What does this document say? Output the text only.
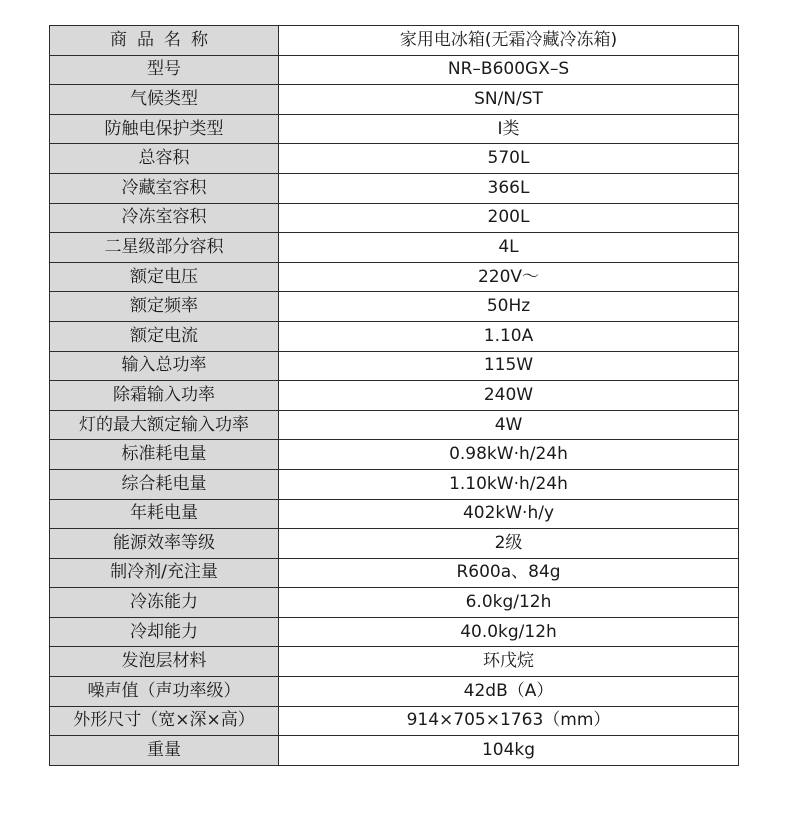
商品名称	家用电冰箱(无霜冷藏冷冻箱)
型号	NR–B600GX–S
气候类型	SN/N/ST
防触电保护类型	Ⅰ类
总容积	570L
冷藏室容积	366L
冷冻室容积	200L
二星级部分容积	4L
额定电压	220V～
额定频率	50Hz
额定电流	1.10A
输入总功率	115W
除霜输入功率	240W
灯的最大额定输入功率	4W
标准耗电量	0.98kW·h/24h
综合耗电量	1.10kW·h/24h
年耗电量	402kW·h/y
能源效率等级	2级
制冷剂/充注量	R600a、84g
冷冻能力	6.0kg/12h
冷却能力	40.0kg/12h
发泡层材料	环戊烷
噪声值（声功率级）	42dB（A）
外形尺寸（宽×深×高）	914×705×1763（mm）
重量	104kg
